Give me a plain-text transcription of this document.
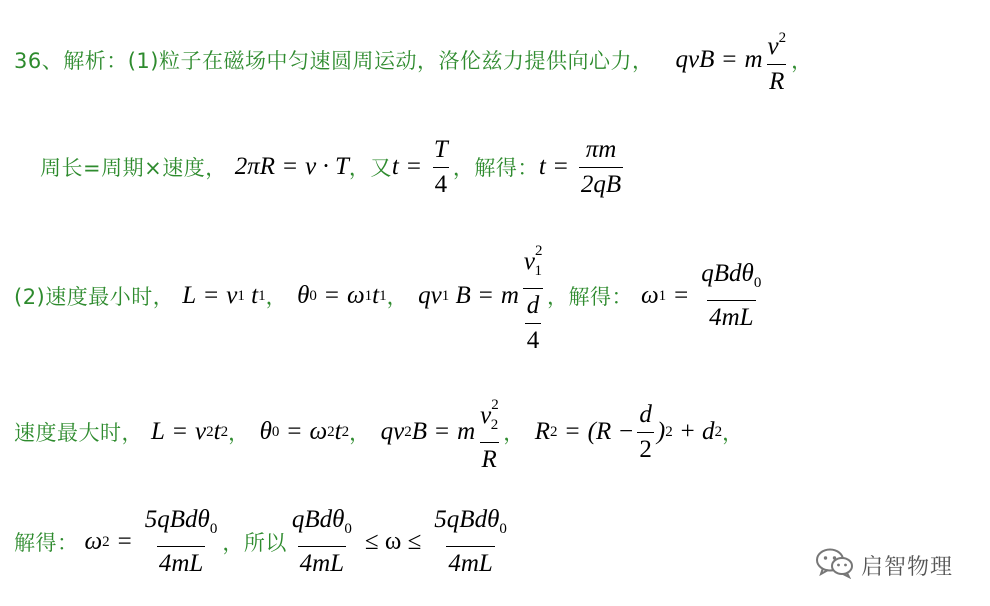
36、解析：(1)粒子在磁场中匀速圆周运动，洛伦兹力提供向心力， qvB = m $\frac{v^2}{R}$ ，
周长=周期×速度， 2πR = v · T ，又 $t = \frac{T}{4}$ ，解得： $t = \frac{\pi m}{2qB}$
(2)速度最小时， L = v 1
t 1 ， θ 0 = ω 1 t 1 ， qv 1
B = m $\frac{v^2_1}{\frac{d}{4}}$ ，解得： ω $1 = \frac{qBd\theta_0}{4mL}$
速度最大时， L = v 2 t 2 ， θ 0 = ω 2 t 2 ， qv 2 B = m $\frac{v^2_2}{R}$ ， R $2 = (R - \frac{d}{2}$ ) 2
+ d 2 ，
解得： ω $2 = \frac{5qBd\theta_0}{4mL}$ ，所以 $\frac{qBd\theta_0}{4mL} \le \omega \le \frac{5qBd\theta_0}{4mL}$	启智物理
